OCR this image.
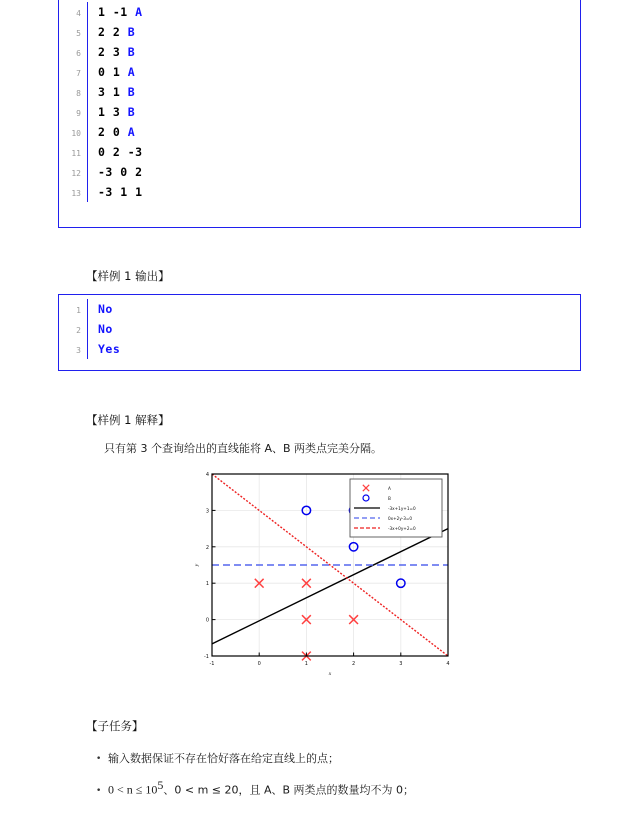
4	1 -1 A
5	2 2 B
6	2 3 B
7	0 1 A
8	3 1 B
9	1 3 B
10	2 0 A
11	0 2 -3
12	-3 0 2
13	-3 1 1
【样例 1 输出】
1	No
2	No
3	Yes
【样例 1 解释】
只有第 3 个查询给出的直线能将 A、B 两类点完美分隔。
-1	0	1	2	3	4
-1
0
1
2
3
4
x
y
A
B
-3x+1y+1=0
0x+2y-3=0
-3x+0y+2=0
【子任务】
• 输入数据保证不存在恰好落在给定直线上的点；
• $0 < n \le 10^5$、0 < m ≤ 20，且 A、B 两类点的数量均不为 0；
